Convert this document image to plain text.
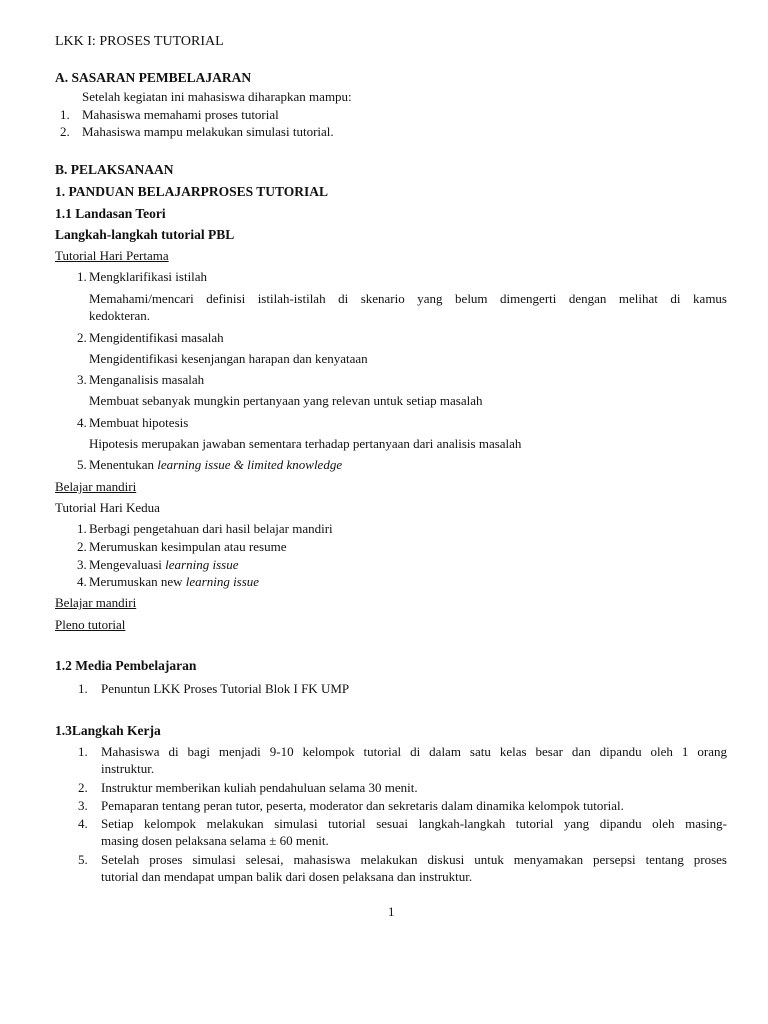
LKK I: PROSES TUTORIAL
A. SASARAN PEMBELAJARAN
Setelah kegiatan ini mahasiswa diharapkan mampu:
1. Mahasiswa memahami proses tutorial
2. Mahasiswa mampu melakukan simulasi tutorial.
B. PELAKSANAAN
1. PANDUAN BELAJARPROSES TUTORIAL
1.1 Landasan Teori
Langkah-langkah tutorial PBL
Tutorial Hari Pertama
1. Mengklarifikasi istilah
Memahami/mencari definisi istilah-istilah di skenario yang belum dimengerti dengan melihat di kamus
kedokteran.
2. Mengidentifikasi masalah
Mengidentifikasi kesenjangan harapan dan kenyataan
3. Menganalisis masalah
Membuat sebanyak mungkin pertanyaan yang relevan untuk setiap masalah
4. Membuat hipotesis
Hipotesis merupakan jawaban sementara terhadap pertanyaan dari analisis masalah
5. Menentukan learning issue & limited knowledge
Belajar mandiri
Tutorial Hari Kedua
1. Berbagi pengetahuan dari hasil belajar mandiri
2. Merumuskan kesimpulan atau resume
3. Mengevaluasi learning issue
4. Merumuskan new learning issue
Belajar mandiri
Pleno tutorial
1.2 Media Pembelajaran
1. Penuntun LKK Proses Tutorial Blok I FK UMP
1.3Langkah Kerja
1. Mahasiswa di bagi menjadi 9-10 kelompok tutorial di dalam satu kelas besar dan dipandu oleh 1 orang
instruktur.
2. Instruktur memberikan kuliah pendahuluan selama 30 menit.
3. Pemaparan tentang peran tutor, peserta, moderator dan sekretaris dalam dinamika kelompok tutorial.
4. Setiap kelompok melakukan simulasi tutorial sesuai langkah-langkah tutorial yang dipandu oleh masing-
masing dosen pelaksana selama ± 60 menit.
5. Setelah proses simulasi selesai, mahasiswa melakukan diskusi untuk menyamakan persepsi tentang proses
tutorial dan mendapat umpan balik dari dosen pelaksana dan instruktur.
1
